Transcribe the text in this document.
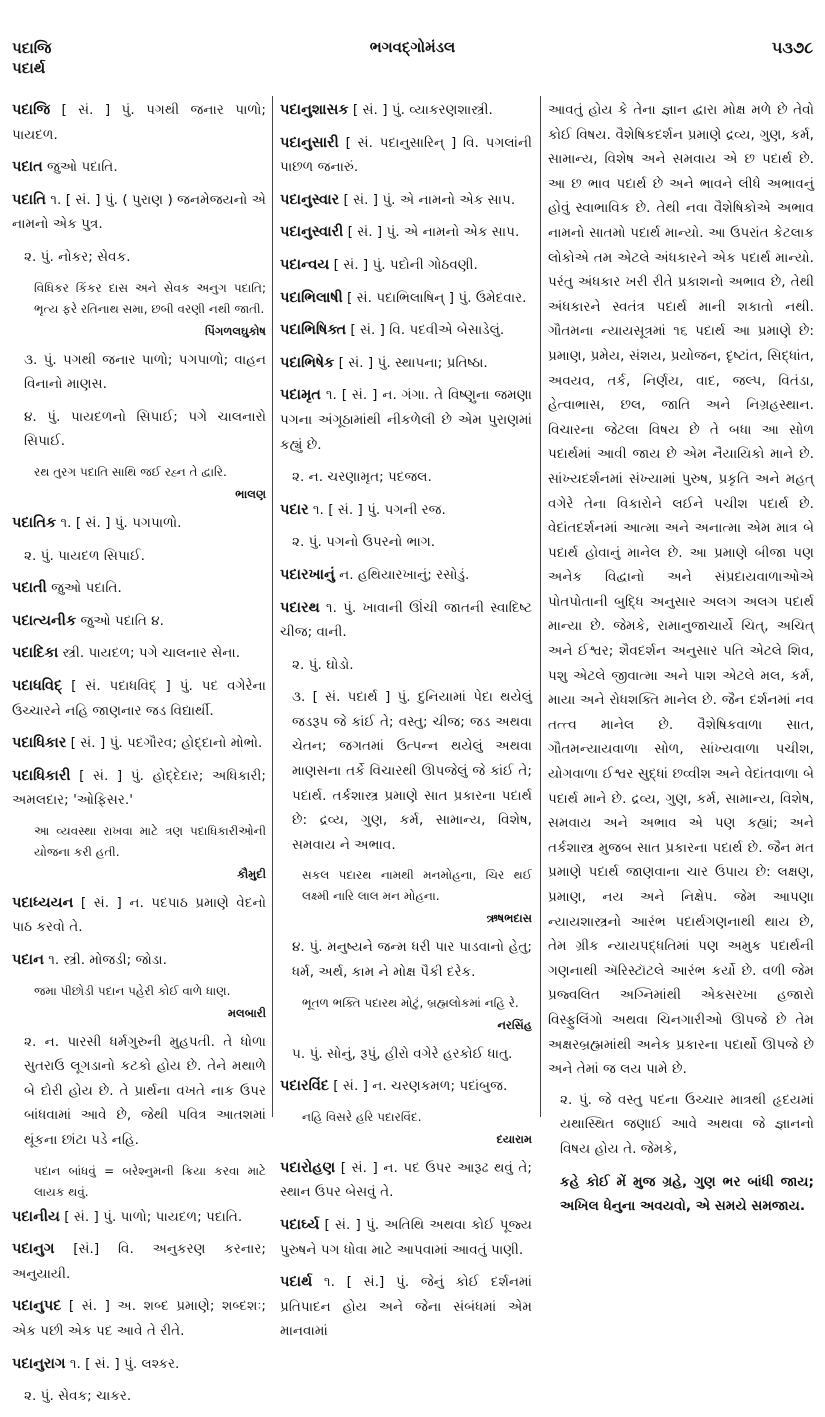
પદાજિ
પદાર્થ
ભગવદ્ગોમંડલ	૫૩૭૮
પદાજિ [ સં. ] પું. પગથી જનાર પાળો; પાયદળ.
પદાત જુઓ પદાતિ.
પદાતિ ૧. [ સં. ] પું. ( પુરાણ ) જનમેજયનો એ નામનો એક પુત્ર.
૨. પું. નોકર; સેવક.
વિધિકર કિંકર દાસ અને સેવક અનુગ પદાતિ; ભૃત્ય ફરે રતિનાથ સમા, છબી વરણી નથી જાતી.
પિંગળલઘુકોષ
૩. પું. પગથી જનાર પાળો; પગપાળો; વાહન વિનાનો માણસ.
૪. પું. પાયદળનો સિપાઈ; પગે ચાલનારો સિપાઈ.
રથ તુરગ પદાતિ સાથિ જઈ રહ્ન તે દ્વારિ.
ભાલણ
પદાતિક ૧. [ સં. ] પું. પગપાળો.
૨. પું. પાયદળ સિપાઈ.
પદાતી જુઓ પદાતિ.
પદાત્યનીક જુઓ પદાતિ ૪.
પદાદિકા સ્ત્રી. પાયદળ; પગે ચાલનાર સેના.
પદાધવિદ્ [ સં. પદાધવિદ્ ] પું. પદ વગેરેના ઉચ્ચારને નહિ જાણનાર જડ વિદ્યાર્થી.
પદાધિકાર [ સં. ] પું. પદગૌરવ; હોદ્દાનો મોભો.
પદાધિકારી [ સં. ] પું. હોદ્દેદાર; અધિકારી; અમલદાર; 'ઓફિસર.'
આ વ્યવસ્થા રાખવા માટે ત્રણ પદાધિકારીઓની યોજના કરી હતી.
કૌમુદી
પદાધ્યયન [ સં. ] ન. પદપાઠ પ્રમાણે વેદનો પાઠ કરવો તે.
પદાન ૧. સ્ત્રી. મોજડી; જોડા.
જમા પીછોડી પદાન પહેરી કોઈ વાળે ધાણ.
મલબારી
૨. ન. પારસી ધર્મગુરુની મુહપતી. તે ધોળા સુતરાઉ લૂગડાનો કટકો હોય છે. તેને મથાળે બે દોરી હોય છે. તે પ્રાર્થના વખતે નાક ઉપર બાંધવામાં આવે છે, જેથી પવિત્ર આતશમાં થૂંકના છાંટા પડે નહિ.
પદાન બાંધવું = બરેશ્નુમની ક્રિયા કરવા માટે લાયક થવું.
પદાનીય [ સં. ] પું. પાળો; પાયદળ; પદાતિ.
પદાનુગ [સં.] વિ. અનુકરણ કરનાર; અનુયાયી.
પદાનુપદ [ સં. ] અ. શબ્દ પ્રમાણે; શબ્દશઃ; એક પછી એક પદ આવે તે રીતે.
પદાનુરાગ ૧. [ સં. ] પું. લશ્કર.
૨. પું. સેવક; ચાકર.
પદાનુશાસક [ સં. ] પું. વ્યાકરણશાસ્ત્રી.
પદાનુસારી [ સં. પદાનુસારિન્ ] વિ. પગલાંની પાછળ જનારું.
પદાનુસ્વાર [ સં. ] પું. એ નામનો એક સાપ.
પદાનુસ્વારી [ સં. ] પું. એ નામનો એક સાપ.
પદાન્વય [ સં. ] પું. પદોની ગોઠવણી.
પદાભિલાષી [ સં. પદાભિલાષિન્ ] પું. ઉમેદવાર.
પદાભિષિક્ત [ સં. ] વિ. પદવીએ બેસાડેલું.
પદાભિષેક [ સં. ] પું. સ્થાપના; પ્રતિષ્ઠા.
પદામૃત ૧. [ સં. ] ન. ગંગા. તે વિષ્ણુના જમણા પગના અંગૂઠામાંથી નીકળેલી છે એમ પુરાણમાં કહ્યું છે.
૨. ન. ચરણામૃત; પદજલ.
પદાર ૧. [ સં. ] પું. પગની રજ.
૨. પું. પગનો ઉપરનો ભાગ.
પદારખાનું ન. હથિયારખાનું; રસોડું.
પદારથ ૧. પું. ખાવાની ઊંચી જાતની સ્વાદિષ્ટ ચીજ; વાની.
૨. પું. ઘોડો.
૩. [ સં. પદાર્થ ] પું. દુનિયામાં પેદા થયેલું જડરૂપ જે કાંઈ તે; વસ્તુ; ચીજ; જડ અથવા ચેતન; જગતમાં ઉત્પન્ન થયેલું અથવા માણસના તર્કે વિચારથી ઊપજેલું જે કાંઈ તે; પદાર્થ. તર્કશાસ્ત્ર પ્રમાણે સાત પ્રકારના પદાર્થ છે: દ્રવ્ય, ગુણ, કર્મ, સામાન્ય, વિશેષ, સમવાય ને અભાવ.
સકલ પદારથ નામથી મનમોહના, ચિર થઈ લક્ષ્મી નારિ લાલ મન મોહના.
ઋષભદાસ
૪. પું. મનુષ્યને જન્મ ધરી પાર પાડવાનો હેતુ; ધર્મ, અર્થ, કામ ને મોક્ષ પૈકી દરેક.
ભૂતળ ભક્તિ પદારથ મોટું, બ્રહ્મલોકમાં નહિ રે.
નરસિંહ
૫. પું. સોનું, રૂપું, હીરો વગેરે હરકોઈ ધાતુ.
પદારવિંદ [ સં. ] ન. ચરણકમળ; પદાંબુજ.
નહિ વિસરે હરિ પદારવિંદ.
દયારામ
પદારોહણ [ સં. ] ન. પદ ઉપર આરૂઢ થવું તે; સ્થાન ઉપર બેસવું તે.
પદાર્ઘ્ય [ સં. ] પું. અતિથિ અથવા કોઈ પૂજ્ય પુરુષને પગ ધોવા માટે આપવામાં આવતું પાણી.
પદાર્થ ૧. [ સં.] પું. જેનું કોઈ દર્શનમાં પ્રતિપાદન હોય અને જેના સંબંધમાં એમ માનવામાં
આવતું હોય કે તેના જ્ઞાન દ્વારા મોક્ષ મળે છે તેવો કોઈ વિષય. વૈશેષિકદર્શન પ્રમાણે દ્રવ્ય, ગુણ, કર્મ, સામાન્ય, વિશેષ અને સમવાય એ છ પદાર્થ છે. આ છ ભાવ પદાર્થ છે અને ભાવને લીધે અભાવનું હોવું સ્વાભાવિક છે. તેથી નવા વૈશેષિકોએ અભાવ નામનો સાતમો પદાર્થ માન્યો. આ ઉપરાંત કેટલાક લોકોએ તમ એટલે અંધકારને એક પદાર્થ માન્યો. પરંતુ અંધકાર ખરી રીતે પ્રકાશનો અભાવ છે, તેથી અંધકારને સ્વતંત્ર પદાર્થ માની શકાતો નથી. ગૌતમના ન્યાયસૂત્રમાં ૧૬ પદાર્થ આ પ્રમાણે છે: પ્રમાણ, પ્રમેય, સંશય, પ્રયોજન, દૃષ્ટાંત, સિદ્ધાંત, અવયવ, તર્ક, નિર્ણય, વાદ, જલ્પ, વિતંડા, હેત્વાભાસ, છલ, જાતિ અને નિગ્રહસ્થાન. વિચારના જેટલા વિષય છે તે બધા આ સોળ પદાર્થમાં આવી જાય છે એમ નૈયાયિકો માને છે. સાંખ્યદર્શનમાં સંખ્યામાં પુરુષ, પ્રકૃતિ અને મહત્ વગેરે તેના વિકારોને લઈને પચીશ પદાર્થ છે. વેદાંતદર્શનમાં આત્મા અને અનાત્મા એમ માત્ર બે પદાર્થ હોવાનું માનેલ છે. આ પ્રમાણે બીજા પણ અનેક વિદ્વાનો અને સંપ્રદાયવાળાઓએ પોતપોતાની બુદ્ધિ અનુસાર અલગ અલગ પદાર્થ માન્યા છે. જેમકે, રામાનુજાચાર્યે ચિત્, અચિત્ અને ઈશ્વર; શૈવદર્શન અનુસાર પતિ એટલે શિવ, પશુ એટલે જીવાત્મા અને પાશ એટલે મલ, કર્મ, માયા અને રોધશક્તિ માનેલ છે. જૈન દર્શનમાં નવ તત્ત્વ માનેલ છે. વૈશેષિકવાળા સાત, ગૌતમન્યાયવાળા સોળ, સાંખ્યવાળા પચીશ, યોગવાળા ઈશ્વર સુદ્ધાં છવ્વીશ અને વેદાંતવાળા બે પદાર્થ માને છે. દ્રવ્ય, ગુણ, કર્મ, સામાન્ય, વિશેષ, સમવાય અને અભાવ એ પણ કહ્યાં; અને તર્કશાસ્ત્ર મુજબ સાત પ્રકારના પદાર્થ છે. જૈન મત પ્રમાણે પદાર્થ જાણવાના ચાર ઉપાય છે: લક્ષણ, પ્રમાણ, નય અને નિક્ષેપ. જેમ આપણા ન્યાયશાસ્ત્રનો આરંભ પદાર્થગણનાથી થાય છે, તેમ ગ્રીક ન્યાયપદ્ધતિમાં પણ અમુક પદાર્થની ગણનાથી ઍરિસ્ટૉટલે આરંભ કર્યો છે. વળી જેમ પ્રજ્વલિત અગ્નિમાંથી એકસરખા હજારો વિસ્ફુલિંગો અથવા ચિનગારીઓ ઊપજે છે તેમ અક્ષરબ્રહ્મમાંથી અનેક પ્રકારના પદાર્થો ઊપજે છે અને તેમાં જ લય પામે છે.
૨. પું. જે વસ્તુ પદના ઉચ્ચાર માત્રથી હૃદયમાં યથાસ્થિત જણાઈ આવે અથવા જે જ્ઞાનનો વિષય હોય તે. જેમકે,
કહે કોઈ મેં મુજ ગ્રહે, ગુણ ભર બાંધી જાય; અખિલ ધેનુના અવયવો, એ સમયે સમજાય.
